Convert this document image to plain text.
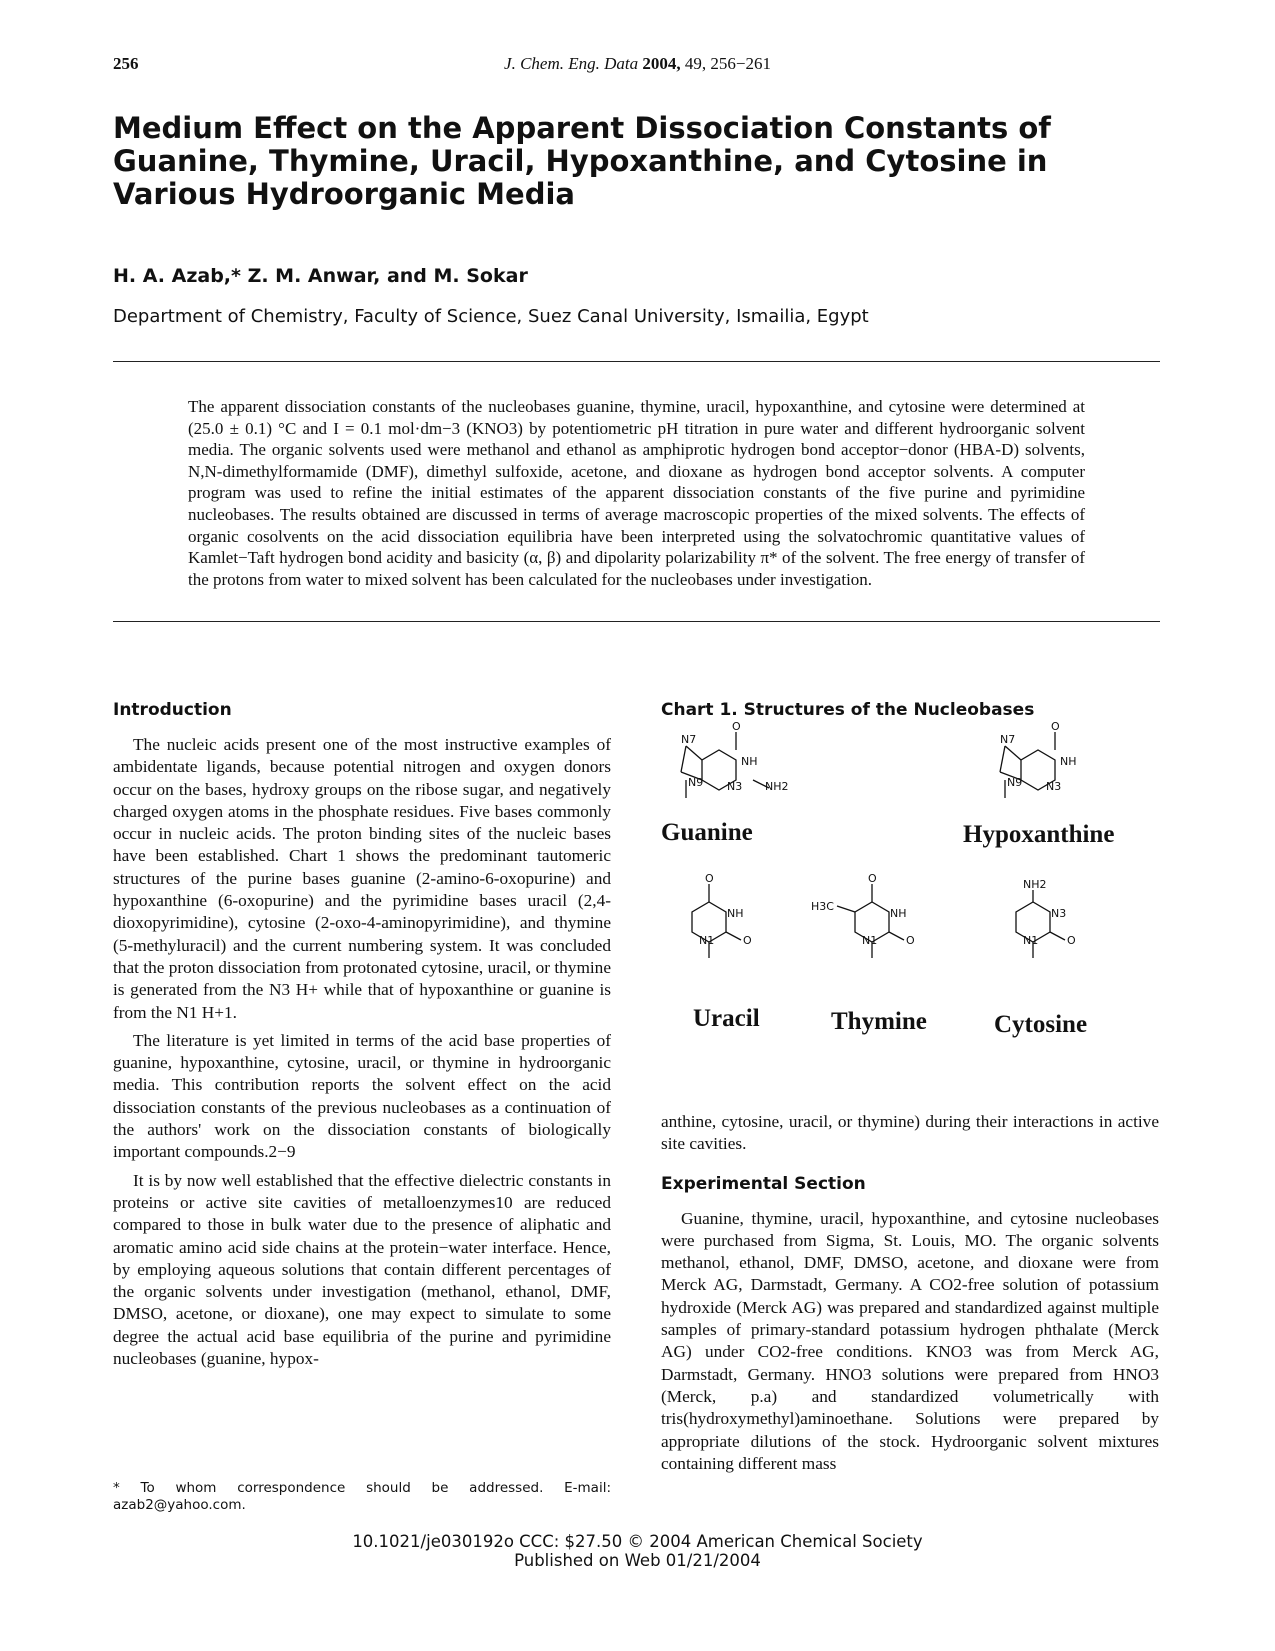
256	J. Chem. Eng. Data 2004, 49, 256−261
Medium Effect on the Apparent Dissociation Constants of Guanine, Thymine, Uracil, Hypoxanthine, and Cytosine in Various Hydroorganic Media
H. A. Azab,* Z. M. Anwar, and M. Sokar
Department of Chemistry, Faculty of Science, Suez Canal University, Ismailia, Egypt
The apparent dissociation constants of the nucleobases guanine, thymine, uracil, hypoxanthine, and cytosine were determined at (25.0 ± 0.1) °C and I = 0.1 mol·dm−3 (KNO3) by potentiometric pH titration in pure water and different hydroorganic solvent media. The organic solvents used were methanol and ethanol as amphiprotic hydrogen bond acceptor−donor (HBA-D) solvents, N,N-dimethylformamide (DMF), dimethyl sulfoxide, acetone, and dioxane as hydrogen bond acceptor solvents. A computer program was used to refine the initial estimates of the apparent dissociation constants of the five purine and pyrimidine nucleobases. The results obtained are discussed in terms of average macroscopic properties of the mixed solvents. The effects of organic cosolvents on the acid dissociation equilibria have been interpreted using the solvatochromic quantitative values of Kamlet−Taft hydrogen bond acidity and basicity (α, β) and dipolarity polarizability π* of the solvent. The free energy of transfer of the protons from water to mixed solvent has been calculated for the nucleobases under investigation.

Introduction

The nucleic acids present one of the most instructive examples of ambidentate ligands, because potential nitrogen and oxygen donors occur on the bases, hydroxy groups on the ribose sugar, and negatively charged oxygen atoms in the phosphate residues. Five bases commonly occur in nucleic acids. The proton binding sites of the nucleic bases have been established. Chart 1 shows the predominant tautomeric structures of the purine bases guanine (2-amino-6-oxopurine) and hypoxanthine (6-oxopurine) and the pyrimidine bases uracil (2,4-dioxopyrimidine), cytosine (2-oxo-4-aminopyrimidine), and thymine (5-methyluracil) and the current numbering system. It was concluded that the proton dissociation from protonated cytosine, uracil, or thymine is generated from the N3 H+ while that of hypoxanthine or guanine is from the N1 H+1.

The literature is yet limited in terms of the acid base properties of guanine, hypoxanthine, cytosine, uracil, or thymine in hydroorganic media. This contribution reports the solvent effect on the acid dissociation constants of the previous nucleobases as a continuation of the authors' work on the dissociation constants of biologically important compounds.2−9

It is by now well established that the effective dielectric constants in proteins or active site cavities of metalloenzymes10 are reduced compared to those in bulk water due to the presence of aliphatic and aromatic amino acid side chains at the protein−water interface. Hence, by employing aqueous solutions that contain different percentages of the organic solvents under investigation (methanol, ethanol, DMF, DMSO, acetone, or dioxane), one may expect to simulate to some degree the actual acid base equilibria of the purine and pyrimidine nucleobases (guanine, hypox-

* To whom correspondence should be addressed. E-mail: azab2@yahoo.com.

Chart 1. Structures of the Nucleobases

O
NH
N7
N9 N3 NH2
O
NH
N7
N9 N3
O
NH
N1	O
O
NH
H3C
N1	O
NH2
N3
N1	O
Guanine	Hypoxanthine
Uracil	Thymine	Cytosine

anthine, cytosine, uracil, or thymine) during their interactions in active site cavities.

Experimental Section

Guanine, thymine, uracil, hypoxanthine, and cytosine nucleobases were purchased from Sigma, St. Louis, MO. The organic solvents methanol, ethanol, DMF, DMSO, acetone, and dioxane were from Merck AG, Darmstadt, Germany. A CO2-free solution of potassium hydroxide (Merck AG) was prepared and standardized against multiple samples of primary-standard potassium hydrogen phthalate (Merck AG) under CO2-free conditions. KNO3 was from Merck AG, Darmstadt, Germany. HNO3 solutions were prepared from HNO3 (Merck, p.a) and standardized volumetrically with tris(hydroxymethyl)aminoethane. Solutions were prepared by appropriate dilutions of the stock. Hydroorganic solvent mixtures containing different mass

10.1021/je030192o CCC: $27.50 © 2004 American Chemical Society
Published on Web 01/21/2004
